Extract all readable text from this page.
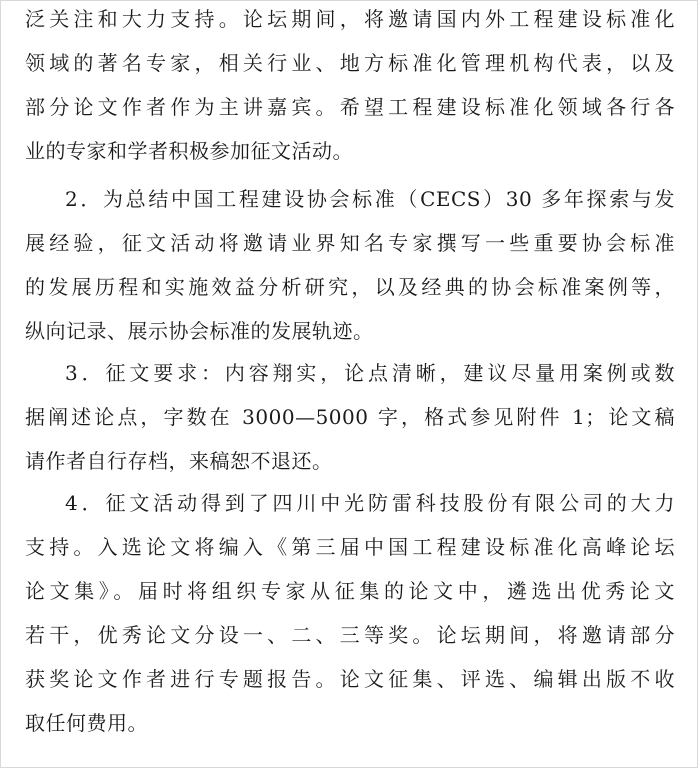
泛关注和大力支持。论坛期间，将邀请国内外工程建设标准化
领域的著名专家，相关行业、地方标准化管理机构代表，以及
部分论文作者作为主讲嘉宾。希望工程建设标准化领域各行各
业的专家和学者积极参加征文活动。
2．为总结中国工程建设协会标准（CECS）30 多年探索与发
展经验，征文活动将邀请业界知名专家撰写一些重要协会标准
的发展历程和实施效益分析研究，以及经典的协会标准案例等，
纵向记录、展示协会标准的发展轨迹。
3．征文要求：内容翔实，论点清晰，建议尽量用案例或数
据阐述论点，字数在 3000—5000 字，格式参见附件 1；论文稿
请作者自行存档，来稿恕不退还。
4．征文活动得到了四川中光防雷科技股份有限公司的大力
支持。入选论文将编入《第三届中国工程建设标准化高峰论坛
论文集》。届时将组织专家从征集的论文中，遴选出优秀论文
若干，优秀论文分设一、二、三等奖。论坛期间，将邀请部分
获奖论文作者进行专题报告。论文征集、评选、编辑出版不收
取任何费用。
